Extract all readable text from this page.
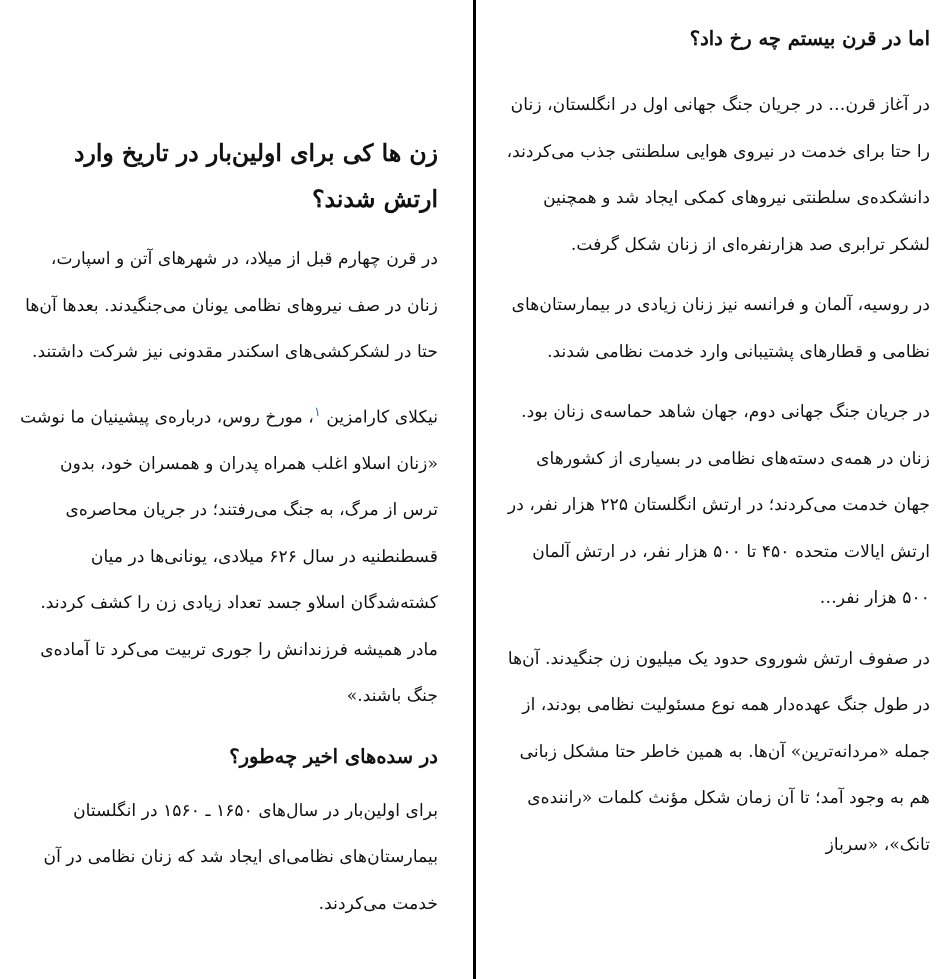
اما در قرن بیستم چه رخ داد؟

در آغاز قرن… در جریان جنگ جهانی اول در انگلستان، زنان را حتا برای خدمت در نیروی هوایی سلطنتی جذب می‌کردند، دانشکده‌ی سلطنتی نیروهای کمکی ایجاد شد و همچنین لشکر ترابری صد هزارنفره‌ای از زنان شکل گرفت.

در روسیه، آلمان و فرانسه نیز زنان زیادی در بیمارستان‌های نظامی و قطارهای پشتیبانی وارد خدمت نظامی شدند.

در جریان جنگ جهانی دوم، جهان شاهد حماسه‌ی زنان بود. زنان در همه‌ی دسته‌های نظامی در بسیاری از کشورهای جهان خدمت می‌کردند؛ در ارتش انگلستان ۲۲۵ هزار نفر، در ارتش ایالات متحده ۴۵۰ تا ۵۰۰ هزار نفر، در ارتش آلمان ۵۰۰ هزار نفر…

در صفوف ارتش شوروی حدود یک میلیون زن جنگیدند. آن‌ها در طول جنگ عهده‌دار همه نوع مسئولیت نظامی بودند، از جمله «مردانه‌ترین» آن‌ها. به همین خاطر حتا مشکل زبانی هم به وجود آمد؛ تا آن زمان شکل مؤنث کلمات «راننده‌ی تانک»، «سرباز

زن ها کی برای اولین‌بار در تاریخ وارد ارتش شدند؟

در قرن چهارم قبل از میلاد، در شهرهای آتن و اسپارت، زنان در صف نیروهای نظامی یونان می‌جنگیدند. بعدها آن‌ها حتا در لشکرکشی‌های اسکندر مقدونی نیز شرکت داشتند.

نیکلای کارامزین $^۱$، مورخ روس، درباره‌ی پیشینیان ما نوشت «زنان اسلاو اغلب همراه پدران و همسران خود، بدون ترس از مرگ، به جنگ می‌رفتند؛ در جریان محاصره‌ی قسطنطنیه در سال ۶۲۶ میلادی، یونانی‌ها در میان کشته‌شدگان اسلاو جسد تعداد زیادی زن را کشف کردند. مادر همیشه فرزندانش را جوری تربیت می‌کرد تا آماده‌ی جنگ باشند.»

در سده‌های اخیر چه‌طور؟

برای اولین‌بار در سال‌های ۱۶۵۰ ـ ۱۵۶۰ در انگلستان بیمارستان‌های نظامی‌ای ایجاد شد که زنان نظامی در آن خدمت می‌کردند.
